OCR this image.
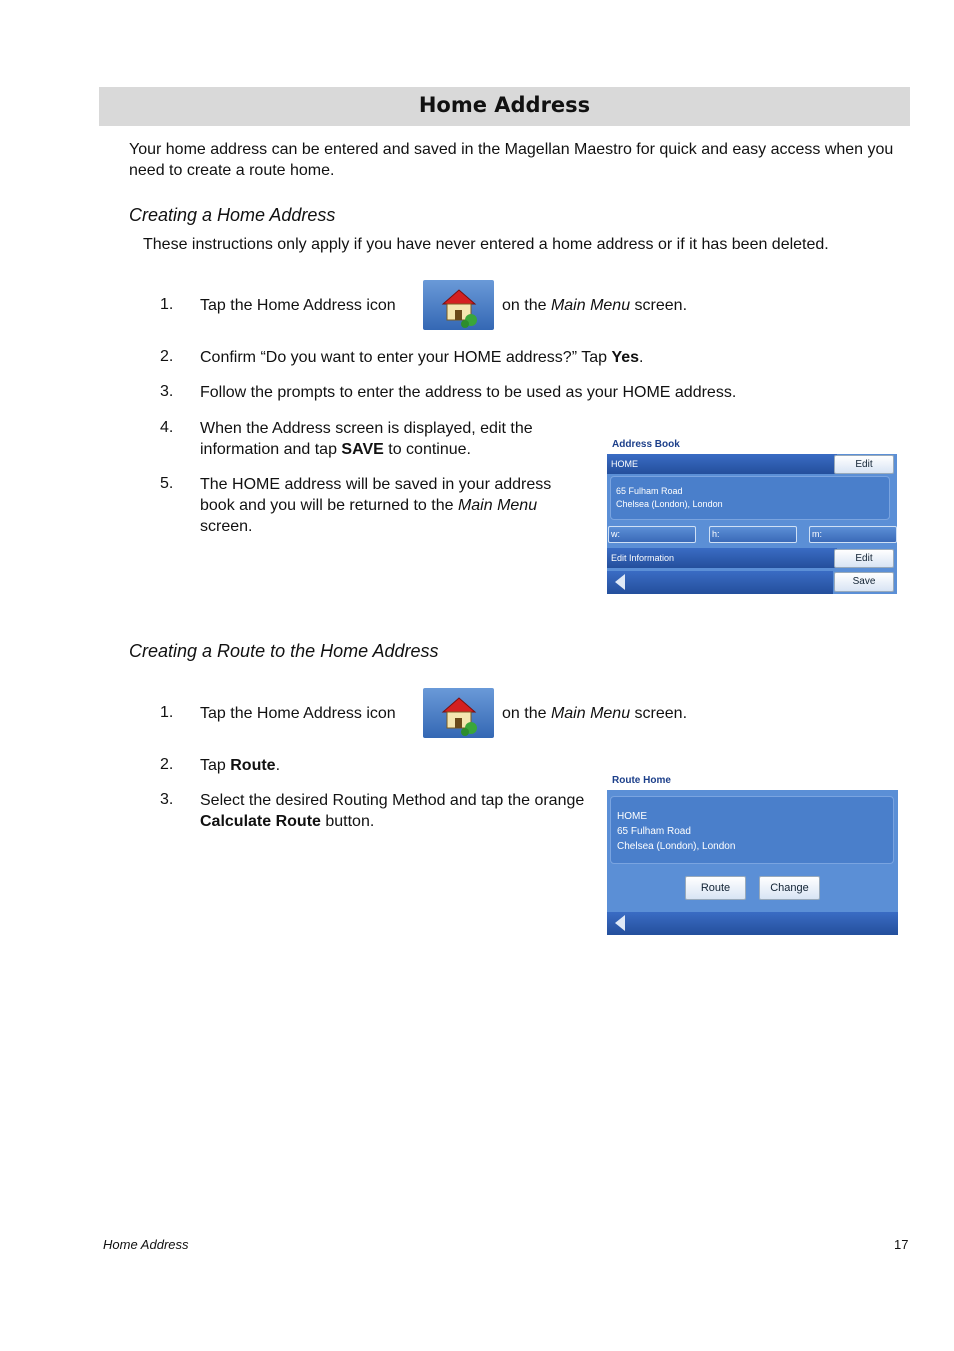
Home Address
Your home address can be entered and saved in the Magellan Maestro for quick and easy access when you need to create a route home.
Creating a Home Address
These instructions only apply if you have never entered a home address or if it has been deleted.
1. Tap the Home Address icon	on the Main Menu screen.
2. Confirm “Do you want to enter your HOME address?” Tap Yes.
3. Follow the prompts to enter the address to be used as your HOME address.
4. When the Address screen is displayed, edit the information and tap SAVE to continue.
5. The HOME address will be saved in your address book and you will be returned to the Main Menu screen.
Address Book
HOME	Edit
65 Fulham Road
Chelsea (London), London
w:	h:	m:
Edit Information	Edit
Save
Creating a Route to the Home Address
1. Tap the Home Address icon	on the Main Menu screen.
2. Tap Route.
3. Select the desired Routing Method and tap the orange Calculate Route button.
Route Home
HOME
65 Fulham Road
Chelsea (London), London
Route	Change
Home Address	17
